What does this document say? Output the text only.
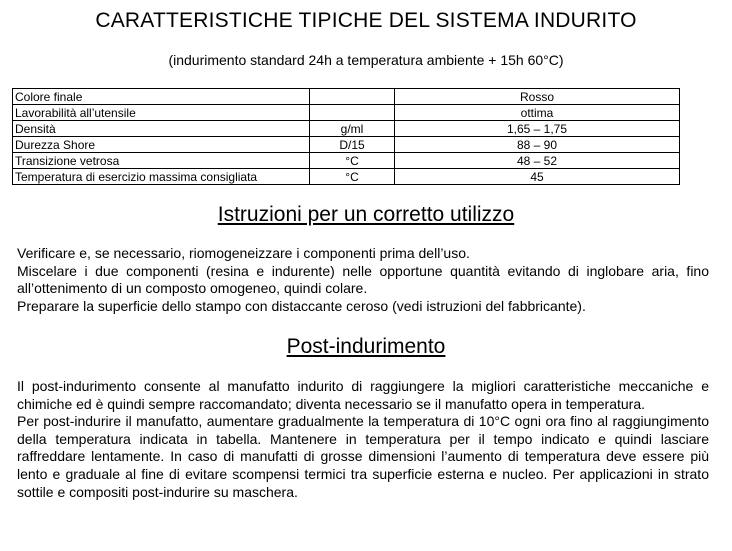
CARATTERISTICHE TIPICHE DEL SISTEMA INDURITO
(indurimento standard 24h a temperatura ambiente + 15h 60°C)
Colore finale		Rosso
Lavorabilità all’utensile		ottima
Densità	g/ml	1,65 – 1,75
Durezza Shore	D/15	88 – 90
Transizione vetrosa	°C	48 – 52
Temperatura di esercizio massima consigliata	°C	45
Istruzioni per un corretto utilizzo

Verificare e, se necessario, riomogeneizzare i componenti prima dell’uso.

Miscelare i due componenti (resina e indurente) nelle opportune quantità evitando di inglobare aria, fino all’ottenimento di un composto omogeneo, quindi colare.

Preparare la superficie dello stampo con distaccante ceroso (vedi istruzioni del fabbricante).

Post-indurimento

Il post-indurimento consente al manufatto indurito di raggiungere la migliori caratteristiche meccaniche e chimiche ed è quindi sempre raccomandato; diventa necessario se il manufatto opera in temperatura.

Per post-indurire il manufatto, aumentare gradualmente la temperatura di 10°C ogni ora fino al raggiungimento della temperatura indicata in tabella. Mantenere in temperatura per il tempo indicato e quindi lasciare raffreddare lentamente. In caso di manufatti di grosse dimensioni l’aumento di temperatura deve essere più lento e graduale al fine di evitare scompensi termici tra superficie esterna e nucleo. Per applicazioni in strato sottile e compositi post-indurire su maschera.
